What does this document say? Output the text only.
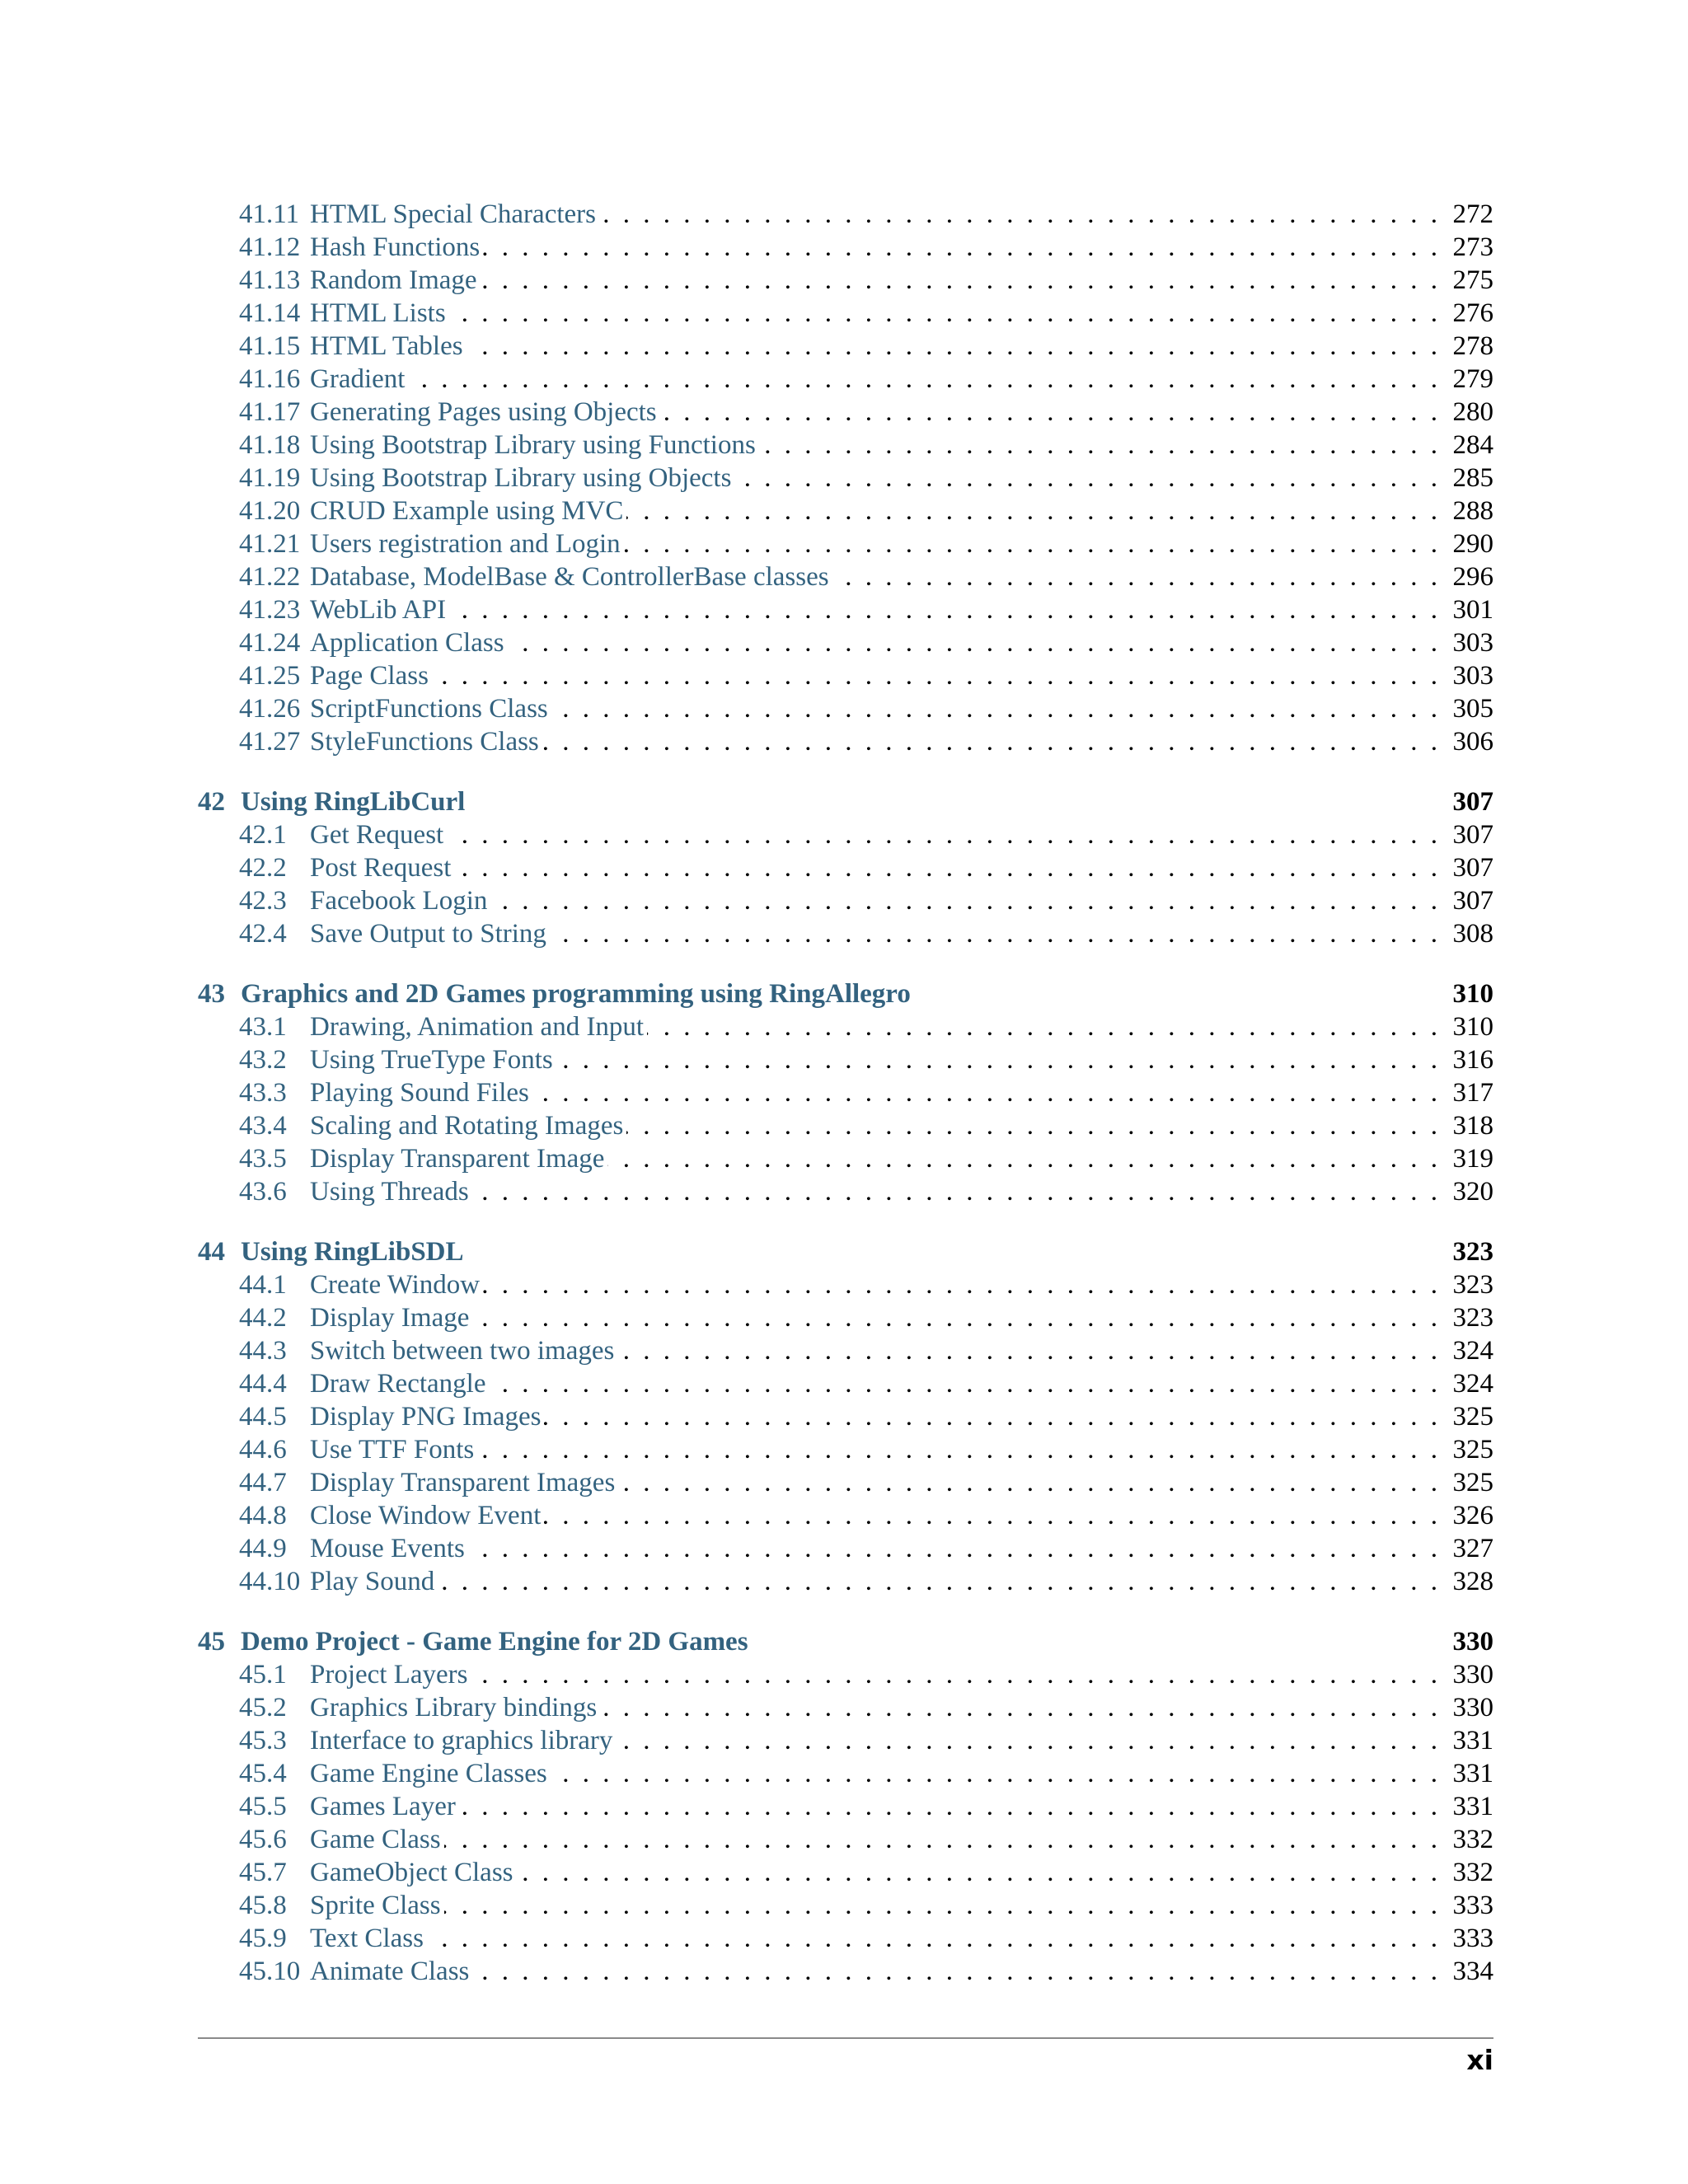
41.11 HTML Special Characters . . .	272
41.12 Hash Functions . . .	273
41.13 Random Image . . .	275
41.14 HTML Lists . . .	276
41.15 HTML Tables . . .	278
41.16 Gradient . . .	279
41.17 Generating Pages using Objects . . .	280
41.18 Using Bootstrap Library using Functions . . .	284
41.19 Using Bootstrap Library using Objects . . .	285
41.20 CRUD Example using MVC . . .	288
41.21 Users registration and Login . . .	290
41.22 Database, ModelBase & ControllerBase classes . . .	296
41.23 WebLib API . . .	301
41.24 Application Class . . .	303
41.25 Page Class . . .	303
41.26 ScriptFunctions Class . . .	305
41.27 StyleFunctions Class . . .	306
42 Using RingLibCurl	307
42.1 Get Request . . .	307
42.2 Post Request . . .	307
42.3 Facebook Login . . .	307
42.4 Save Output to String . . .	308
43 Graphics and 2D Games programming using RingAllegro	310
43.1 Drawing, Animation and Input . . .	310
43.2 Using TrueType Fonts . . .	316
43.3 Playing Sound Files . . .	317
43.4 Scaling and Rotating Images . . .	318
43.5 Display Transparent Image . . .	319
43.6 Using Threads . . .	320
44 Using RingLibSDL	323
44.1 Create Window . . .	323
44.2 Display Image . . .	323
44.3 Switch between two images . . .	324
44.4 Draw Rectangle . . .	324
44.5 Display PNG Images . . .	325
44.6 Use TTF Fonts . . .	325
44.7 Display Transparent Images . . .	325
44.8 Close Window Event . . .	326
44.9 Mouse Events . . .	327
44.10 Play Sound . . .	328
45 Demo Project - Game Engine for 2D Games	330
45.1 Project Layers . . .	330
45.2 Graphics Library bindings . . .	330
45.3 Interface to graphics library . . .	331
45.4 Game Engine Classes . . .	331
45.5 Games Layer . . .	331
45.6 Game Class . . .	332
45.7 GameObject Class . . .	332
45.8 Sprite Class . . .	333
45.9 Text Class . . .	333
45.10 Animate Class . . .	334
xi
